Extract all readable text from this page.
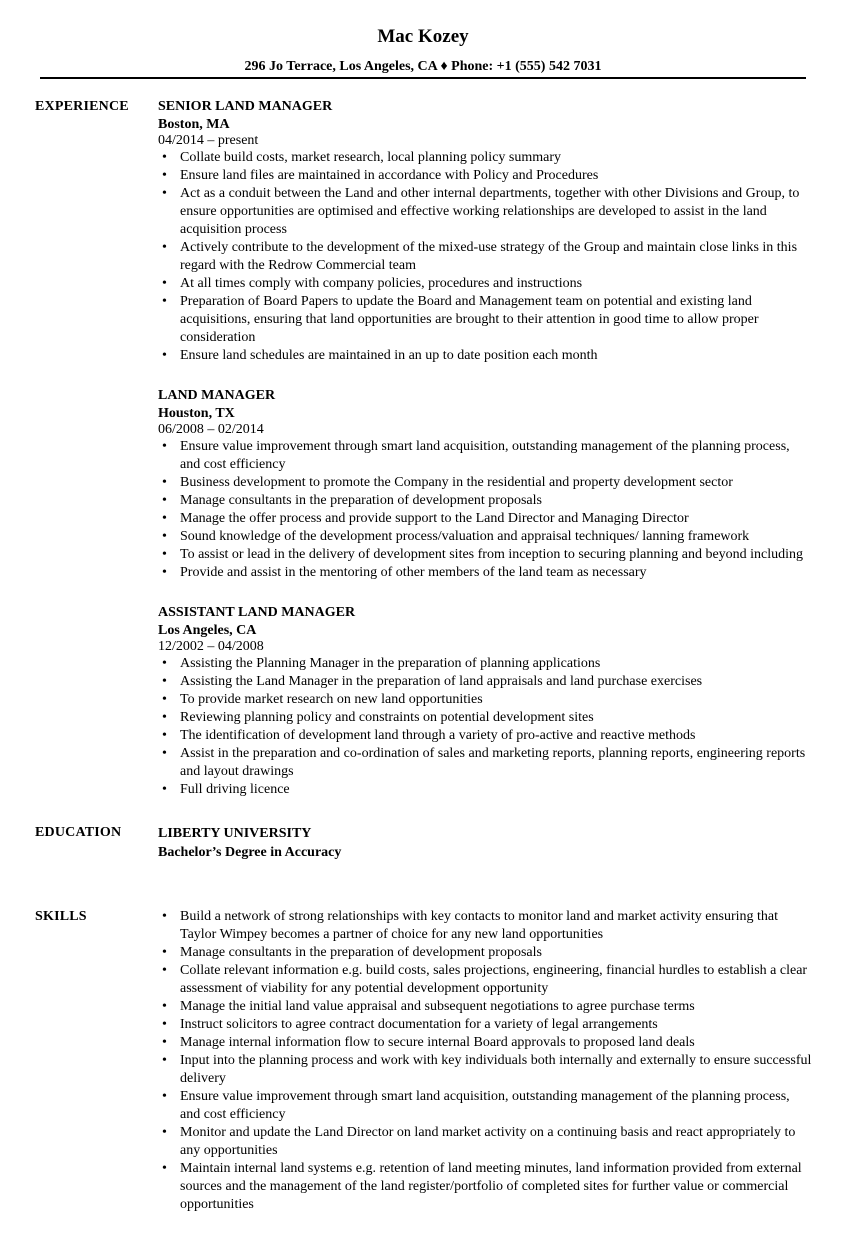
Mac Kozey
296 Jo Terrace, Los Angeles, CA ♦ Phone: +1 (555) 542 7031
EXPERIENCE	SENIOR LAND MANAGER
Boston, MA
04/2014 – present
• Collate build costs, market research, local planning policy summary
• Ensure land files are maintained in accordance with Policy and Procedures
• Act as a conduit between the Land and other internal departments, together with other Divisions and Group, to ensure opportunities are optimised and effective working relationships are developed to assist in the land acquisition process
• Actively contribute to the development of the mixed-use strategy of the Group and maintain close links in this regard with the Redrow Commercial team
• At all times comply with company policies, procedures and instructions
• Preparation of Board Papers to update the Board and Management team on potential and existing land acquisitions, ensuring that land opportunities are brought to their attention in good time to allow proper consideration
• Ensure land schedules are maintained in an up to date position each month
LAND MANAGER
Houston, TX
06/2008 – 02/2014
• Ensure value improvement through smart land acquisition, outstanding management of the planning process, and cost efficiency
• Business development to promote the Company in the residential and property development sector
• Manage consultants in the preparation of development proposals
• Manage the offer process and provide support to the Land Director and Managing Director
• Sound knowledge of the development process/valuation and appraisal techniques/ lanning framework
• To assist or lead in the delivery of development sites from inception to securing planning and beyond including
• Provide and assist in the mentoring of other members of the land team as necessary
ASSISTANT LAND MANAGER
Los Angeles, CA
12/2002 – 04/2008
• Assisting the Planning Manager in the preparation of planning applications
• Assisting the Land Manager in the preparation of land appraisals and land purchase exercises
• To provide market research on new land opportunities
• Reviewing planning policy and constraints on potential development sites
• The identification of development land through a variety of pro-active and reactive methods
• Assist in the preparation and co-ordination of sales and marketing reports, planning reports, engineering reports and layout drawings
• Full driving licence
EDUCATION	LIBERTY UNIVERSITY
Bachelor’s Degree in Accuracy
SKILLS	• Build a network of strong relationships with key contacts to monitor land and market activity ensuring that Taylor Wimpey becomes a partner of choice for any new land opportunities
• Manage consultants in the preparation of development proposals
• Collate relevant information e.g. build costs, sales projections, engineering, financial hurdles to establish a clear assessment of viability for any potential development opportunity
• Manage the initial land value appraisal and subsequent negotiations to agree purchase terms
• Instruct solicitors to agree contract documentation for a variety of legal arrangements
• Manage internal information flow to secure internal Board approvals to proposed land deals
• Input into the planning process and work with key individuals both internally and externally to ensure successful delivery
• Ensure value improvement through smart land acquisition, outstanding management of the planning process, and cost efficiency
• Monitor and update the Land Director on land market activity on a continuing basis and react appropriately to any opportunities
• Maintain internal land systems e.g. retention of land meeting minutes, land information provided from external sources and the management of the land register/portfolio of completed sites for further value or commercial opportunities
